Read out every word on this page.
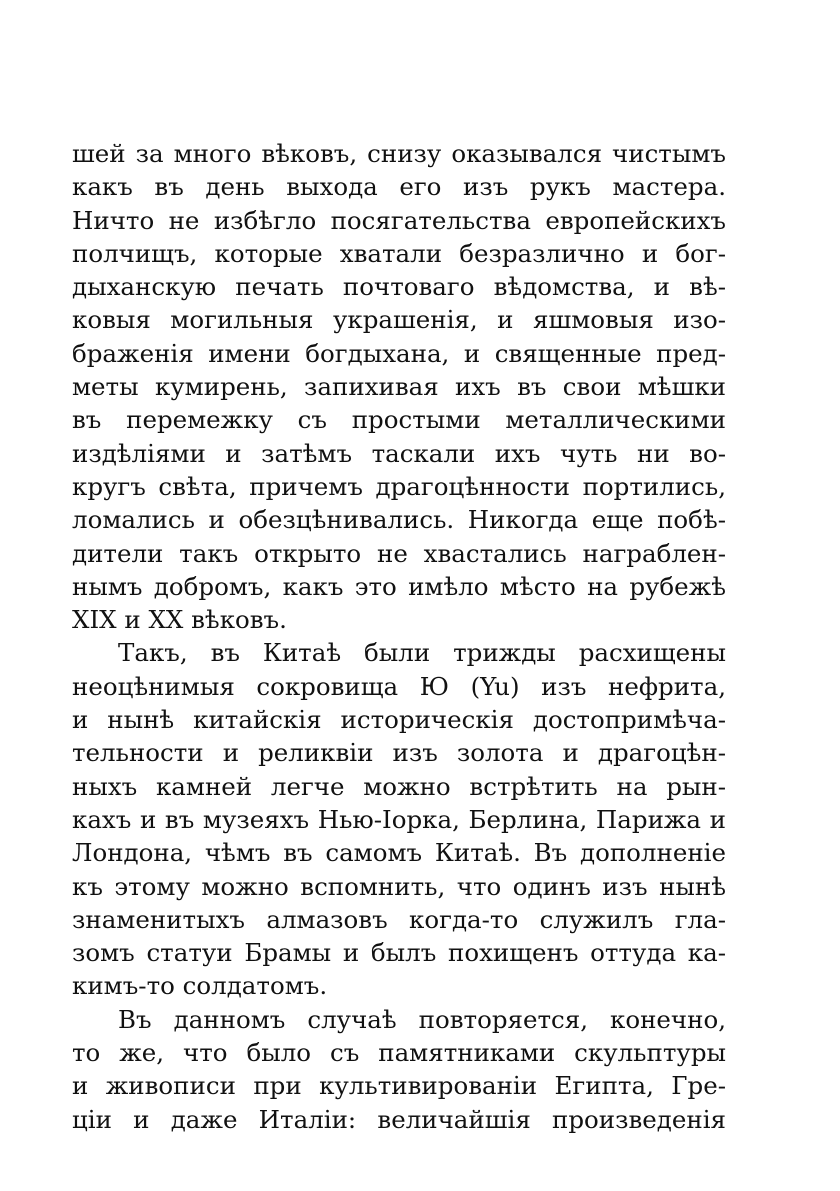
шей за много вѣковъ, снизу оказывался чистымъ
какъ въ день выхода его изъ рукъ мастера.
Ничто не избѣгло посягательства европейскихъ
полчищъ, которые хватали безразлично и бог-
дыханскую печать почтоваго вѣдомства, и вѣ-
ковыя могильныя украшенія, и яшмовыя изо-
браженія имени богдыхана, и священные пред-
меты кумирень, запихивая ихъ въ свои мѣшки
въ перемежку съ простыми металлическими
издѣліями и затѣмъ таскали ихъ чуть ни во-
кругъ свѣта, причемъ драгоцѣнности портились,
ломались и обезцѣнивались. Никогда еще побѣ-
дители такъ открыто не хвастались награблен-
нымъ добромъ, какъ это имѣло мѣсто на рубежѣ
XIX и XX вѣковъ.
Такъ, въ Китаѣ были трижды расхищены
неоцѣнимыя сокровища Ю (Yu) изъ нефрита,
и нынѣ китайскія историческія достопримѣча-
тельности и реликвіи изъ золота и драгоцѣн-
ныхъ камней легче можно встрѣтить на рын-
кахъ и въ музеяхъ Нью-Іорка, Берлина, Парижа и
Лондона, чѣмъ въ самомъ Китаѣ. Въ дополненіе
къ этому можно вспомнить, что одинъ изъ нынѣ
знаменитыхъ алмазовъ когда-то служилъ гла-
зомъ статуи Брамы и былъ похищенъ оттуда ка-
кимъ-то солдатомъ.
Въ данномъ случаѣ повторяется, конечно,
то же, что было съ памятниками скульптуры
и живописи при культивированіи Египта, Гре-
ціи и даже Италіи: величайшія произведенія
